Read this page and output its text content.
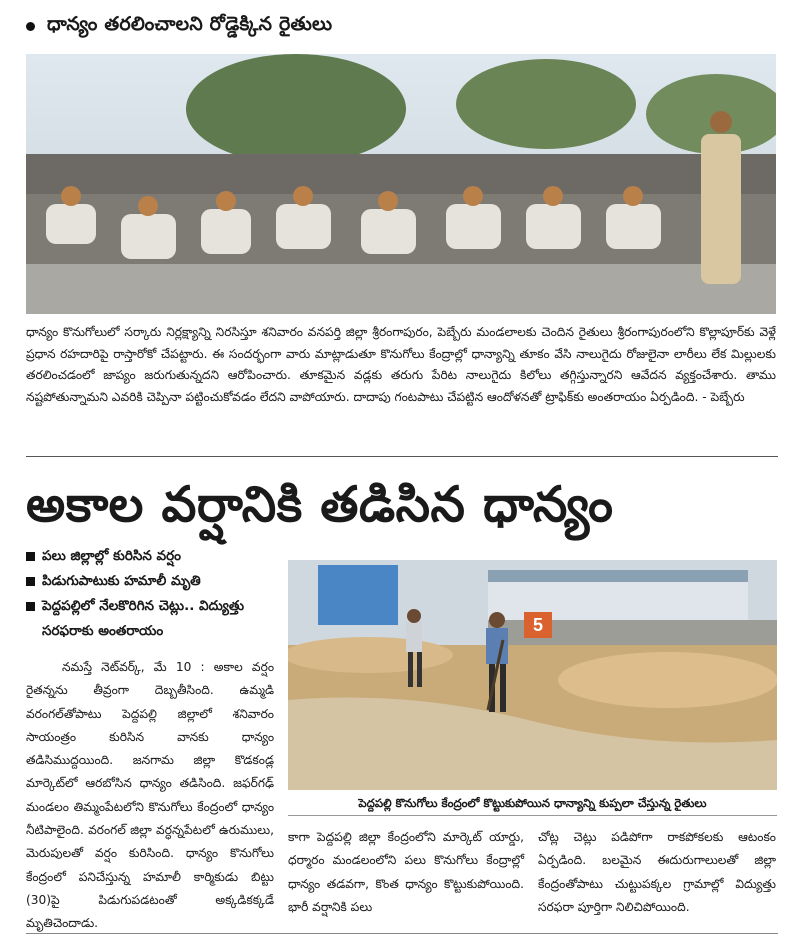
ధాన్యం తరలించాలని రోడ్డెక్కిన రైతులు
ధాన్యం కొనుగోలులో సర్కారు నిర్లక్ష్యాన్ని నిరసిస్తూ శనివారం వనపర్తి జిల్లా శ్రీరంగాపురం, పెబ్బేరు మండలాలకు చెందిన రైతులు శ్రీరంగాపురంలోని కొల్లాపూర్‌కు వెళ్లే ప్రధాన రహదారిపై రాస్తారోకో చేపట్టారు. ఈ సందర్భంగా వారు మాట్లాడుతూ కొనుగోలు కేంద్రాల్లో ధాన్యాన్ని తూకం వేసి నాలుగైదు రోజులైనా లారీలు లేక మిల్లులకు తరలించడంలో జాప్యం జరుగుతున్నదని ఆరోపించారు. తూకమైన వడ్లకు తరుగు పేరిట నాలుగైదు కిలోలు తగ్గిస్తున్నారని ఆవేదన వ్యక్తంచేశారు. తాము నష్టపోతున్నామని ఎవరికి చెప్పినా పట్టించుకోవడం లేదని వాపోయారు. దాదాపు గంటపాటు చేపట్టిన ఆందోళనతో ట్రాఫిక్‌కు అంతరాయం ఏర్పడింది. - పెబ్బేరు
అకాల వర్షానికి తడిసిన ధాన్యం
పలు జిల్లాల్లో కురిసిన వర్షం
పిడుగుపాటుకు హమాలీ మృతి
పెద్దపల్లిలో నేలకొరిగిన చెట్లు.. విద్యుత్తు సరఫరాకు అంతరాయం
నమస్తే నెట్‌వర్క్, మే 10 : అకాల వర్షం రైతన్నను తీవ్రంగా దెబ్బతీసింది. ఉమ్మడి వరంగల్‌తోపాటు పెద్దపల్లి జిల్లాలో శనివారం సాయంత్రం కురిసిన వానకు ధాన్యం తడిసిముద్దయింది. జనగామ జిల్లా కొడకండ్ల మార్కెట్‌లో ఆరబోసిన ధాన్యం తడిసింది. జఫర్‌గఢ్ మండలం తిమ్మంపేటలోని కొనుగోలు కేంద్రంలో ధాన్యం నీటిపాలైంది. వరంగల్ జిల్లా వర్ధన్నపేటలో ఉరుములు, మెరుపులతో వర్షం కురిసింది. ధాన్యం కొనుగోలు కేంద్రంలో పనిచేస్తున్న హమాలీ కార్మికుడు బిట్టు (30)పై పిడుగుపడటంతో అక్కడికక్కడే మృతిచెందాడు.
5
పెద్దపల్లి కొనుగోలు కేంద్రంలో కొట్టుకుపోయిన ధాన్యాన్ని కుప్పలా చేస్తున్న రైతులు
కాగా పెద్దపల్లి జిల్లా కేంద్రంలోని మార్కెట్ యార్డు, ధర్మారం మండలంలోని పలు కొనుగోలు కేంద్రాల్లో ధాన్యం తడవగా, కొంత ధాన్యం కొట్టుకుపోయింది. భారీ వర్షానికి పలు
చోట్ల చెట్లు పడిపోగా రాకపోకలకు ఆటంకం ఏర్పడింది. బలమైన ఈదురుగాలులతో జిల్లా కేంద్రంతోపాటు చుట్టుపక్కల గ్రామాల్లో విద్యుత్తు సరఫరా పూర్తిగా నిలిచిపోయింది.
